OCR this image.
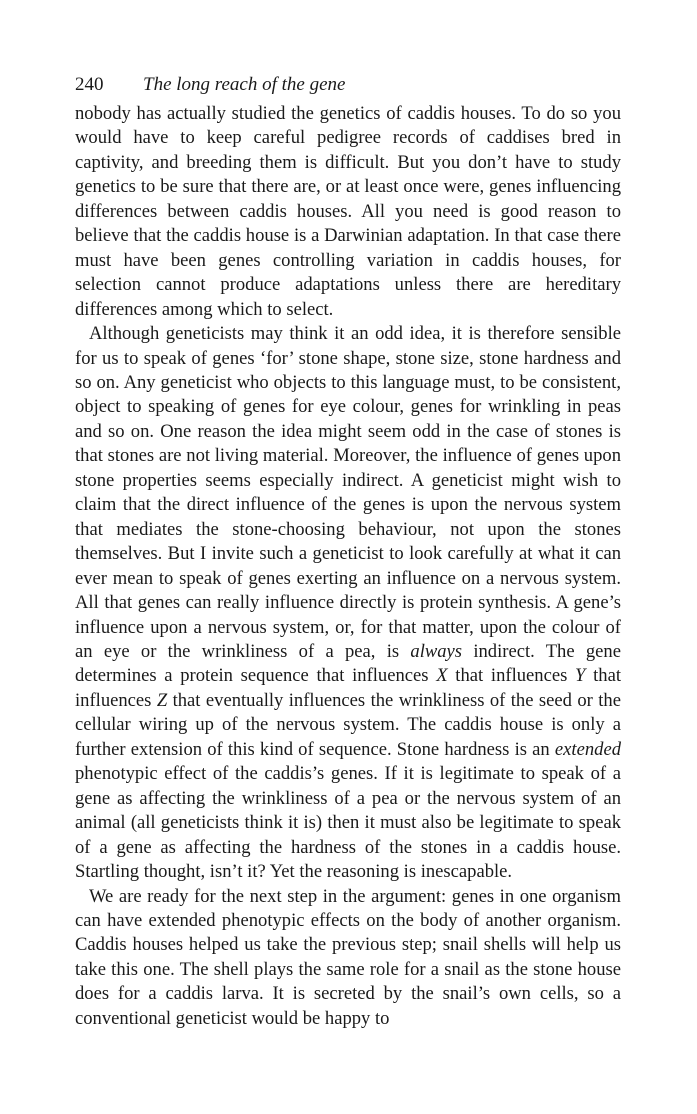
240 The long reach of the gene

nobody has actually studied the genetics of caddis houses. To do so you would have to keep careful pedigree records of caddises bred in captivity, and breeding them is difficult. But you don’t have to study genetics to be sure that there are, or at least once were, genes influencing differences between caddis houses. All you need is good reason to believe that the caddis house is a Darwinian adaptation. In that case there must have been genes controlling variation in caddis houses, for selection cannot produce adaptations unless there are hereditary differences among which to select.

Although geneticists may think it an odd idea, it is therefore sensible for us to speak of genes ‘for’ stone shape, stone size, stone hardness and so on. Any geneticist who objects to this language must, to be consistent, object to speaking of genes for eye colour, genes for wrinkling in peas and so on. One reason the idea might seem odd in the case of stones is that stones are not living material. Moreover, the influence of genes upon stone properties seems especially indirect. A geneticist might wish to claim that the direct influence of the genes is upon the nervous system that mediates the stone-choosing behaviour, not upon the stones themselves. But I invite such a geneticist to look carefully at what it can ever mean to speak of genes exerting an influence on a nervous system. All that genes can really influence directly is protein synthesis. A gene’s influence upon a nervous system, or, for that matter, upon the colour of an eye or the wrinkliness of a pea, is always indirect. The gene determines a protein sequence that influences X that influences Y that influences Z that eventually influences the wrinkliness of the seed or the cellular wiring up of the nervous system. The caddis house is only a further extension of this kind of sequence. Stone hardness is an extended phenotypic effect of the caddis’s genes. If it is legitimate to speak of a gene as affecting the wrinkliness of a pea or the nervous system of an animal (all geneticists think it is) then it must also be legitimate to speak of a gene as affecting the hardness of the stones in a caddis house. Startling thought, isn’t it? Yet the reasoning is inescapable.

We are ready for the next step in the argument: genes in one organism can have extended phenotypic effects on the body of another organism. Caddis houses helped us take the previous step; snail shells will help us take this one. The shell plays the same role for a snail as the stone house does for a caddis larva. It is secreted by the snail’s own cells, so a conventional geneticist would be happy to
